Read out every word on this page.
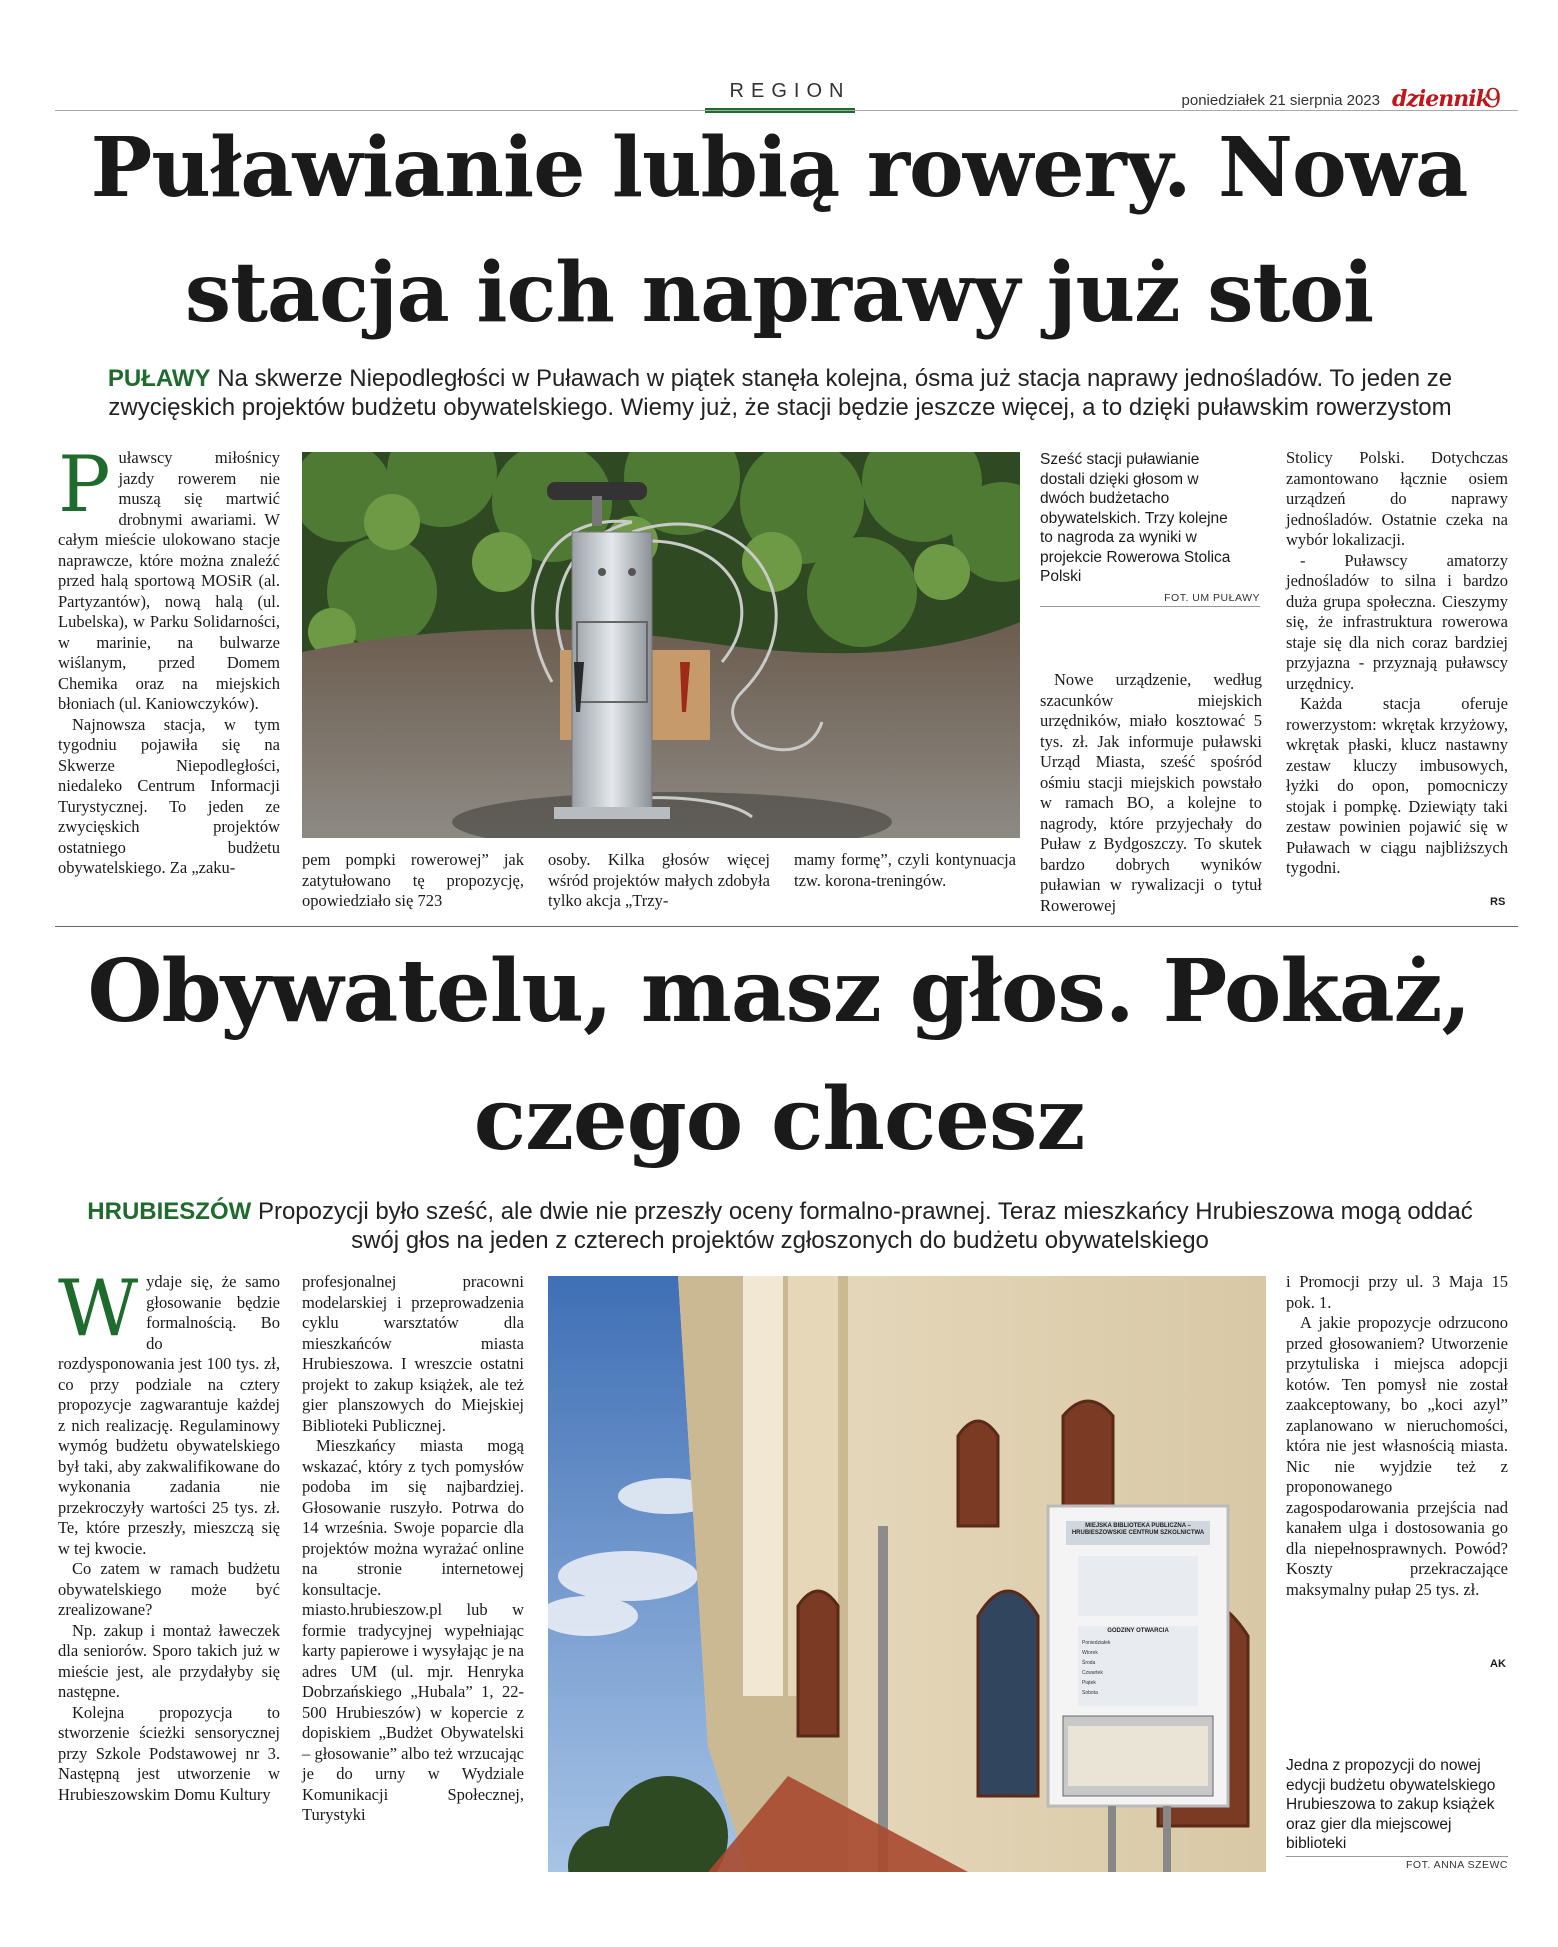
REGION	poniedziałek 21 sierpnia 2023 dziennik
9
Puławianie lubią rowery. Nowa
stacja ich naprawy już stoi

PUŁAWY Na skwerze Niepodległości w Puławach w piątek stanęła kolejna, ósma już stacja naprawy jednośladów. To jeden ze zwycięskich projektów budżetu obywatelskiego. Wiemy już, że stacji będzie jeszcze więcej, a to dzięki puławskim rowerzystom

P uławscy miłośnicy jazdy rowerem nie muszą się martwić drobnymi awariami. W całym mieście ulokowano stacje naprawcze, które można znaleźć przed halą sportową MOSiR (al. Partyzantów), nową halą (ul. Lubelska), w Parku Solidarności, w marinie, na bulwarze wiślanym, przed Domem Chemika oraz na miejskich błoniach (ul. Kaniowczyków).

Najnowsza stacja, w tym tygodniu pojawiła się na Skwerze Niepodległości, niedaleko Centrum Informacji Turystycznej. To jeden ze zwycięskich projektów ostatniego budżetu obywatelskiego. Za „zaku-	pem pompki rowerowej” jak zatytułowano tę propozycję, opowiedziało się 723

osoby. Kilka głosów więcej wśród projektów małych zdobyła tylko akcja „Trzy-

mamy formę”, czyli kontynuacja tzw. korona-treningów.

Sześć stacji puławianie dostali dzięki głosom w dwóch budżetacho obywatelskich. Trzy kolejne to nagroda za wyniki w projekcie Rowerowa Stolica Polski

FOT. UM PUŁAWY

Nowe urządzenie, według szacunków miejskich urzędników, miało kosztować 5 tys. zł. Jak informuje puławski Urząd Miasta, sześć spośród ośmiu stacji miejskich powstało w ramach BO, a kolejne to nagrody, które przyjechały do Puław z Bydgoszczy. To skutek bardzo dobrych wyników puławian w rywalizacji o tytuł Rowerowej

Stolicy Polski. Dotychczas zamontowano łącznie osiem urządzeń do naprawy jednośladów. Ostatnie czeka na wybór lokalizacji.

- Puławscy amatorzy jednośladów to silna i bardzo duża grupa społeczna. Cieszymy się, że infrastruktura rowerowa staje się dla nich coraz bardziej przyjazna - przyznają puławscy urzędnicy.

Każda stacja oferuje rowerzystom: wkrętak krzyżowy, wkrętak płaski, klucz nastawny zestaw kluczy imbusowych, łyżki do opon, pomocniczy stojak i pompkę. Dziewiąty taki zestaw powinien pojawić się w Puławach w ciągu najbliższych tygodni.

RS
Obywatelu, masz głos. Pokaż,
czego chcesz

HRUBIESZÓW Propozycji było sześć, ale dwie nie przeszły oceny formalno-prawnej. Teraz mieszkańcy Hrubieszowa mogą oddać swój głos na jeden z czterech projektów zgłoszonych do budżetu obywatelskiego

W ydaje się, że samo głosowanie będzie formalnością. Bo do rozdysponowania jest 100 tys. zł, co przy podziale na cztery propozycje zagwarantuje każdej z nich realizację. Regulaminowy wymóg budżetu obywatelskiego był taki, aby zakwalifikowane do wykonania zadania nie przekroczyły wartości 25 tys. zł. Te, które przeszły, mieszczą się w tej kwocie.

Co zatem w ramach budżetu obywatelskiego może być zrealizowane?

Np. zakup i montaż ławeczek dla seniorów. Sporo takich już w mieście jest, ale przydałyby się następne.

Kolejna propozycja to stworzenie ścieżki sensorycznej przy Szkole Podstawowej nr 3. Następną jest utworzenie w Hrubieszowskim Domu Kultury

profesjonalnej pracowni modelarskiej i przeprowadzenia cyklu warsztatów dla mieszkańców miasta Hrubieszowa. I wreszcie ostatni projekt to zakup książek, ale też gier planszowych do Miejskiej Biblioteki Publicznej.

Mieszkańcy miasta mogą wskazać, który z tych pomysłów podoba im się najbardziej. Głosowanie ruszyło. Potrwa do 14 września. Swoje poparcie dla projektów można wyrażać online na stronie internetowej konsultacje. miasto.hrubieszow.pl lub w formie tradycyjnej wypełniając karty papierowe i wysyłając je na adres UM (ul. mjr. Henryka Dobrzańskiego „Hubala” 1, 22-500 Hrubieszów) w kopercie z dopiskiem „Budżet Obywatelski – głosowanie” albo też wrzucając je do urny w Wydziale Komunikacji Społecznej, Turystyki

MIEJSKA BIBLIOTEKA PUBLICZNA – HRUBIESZOWSKIE CENTRUM SZKOLNICTWA
GODZINY OTWARCIA
Poniedziałek
Wtorek
Środa
Czwartek
Piątek
Sobota

i Promocji przy ul. 3 Maja 15 pok. 1.

A jakie propozycje odrzucono przed głosowaniem? Utworzenie przytuliska i miejsca adopcji kotów. Ten pomysł nie został zaakceptowany, bo „koci azyl” zaplanowano w nieruchomości, która nie jest własnością miasta. Nic nie wyjdzie też z proponowanego zagospodarowania przejścia nad kanałem ulga i dostosowania go dla niepełnosprawnych. Powód? Koszty przekraczające maksymalny pułap 25 tys. zł.

AK

Jedna z propozycji do nowej edycji budżetu obywatelskiego Hrubieszowa to zakup książek oraz gier dla miejscowej biblioteki

FOT. ANNA SZEWC
